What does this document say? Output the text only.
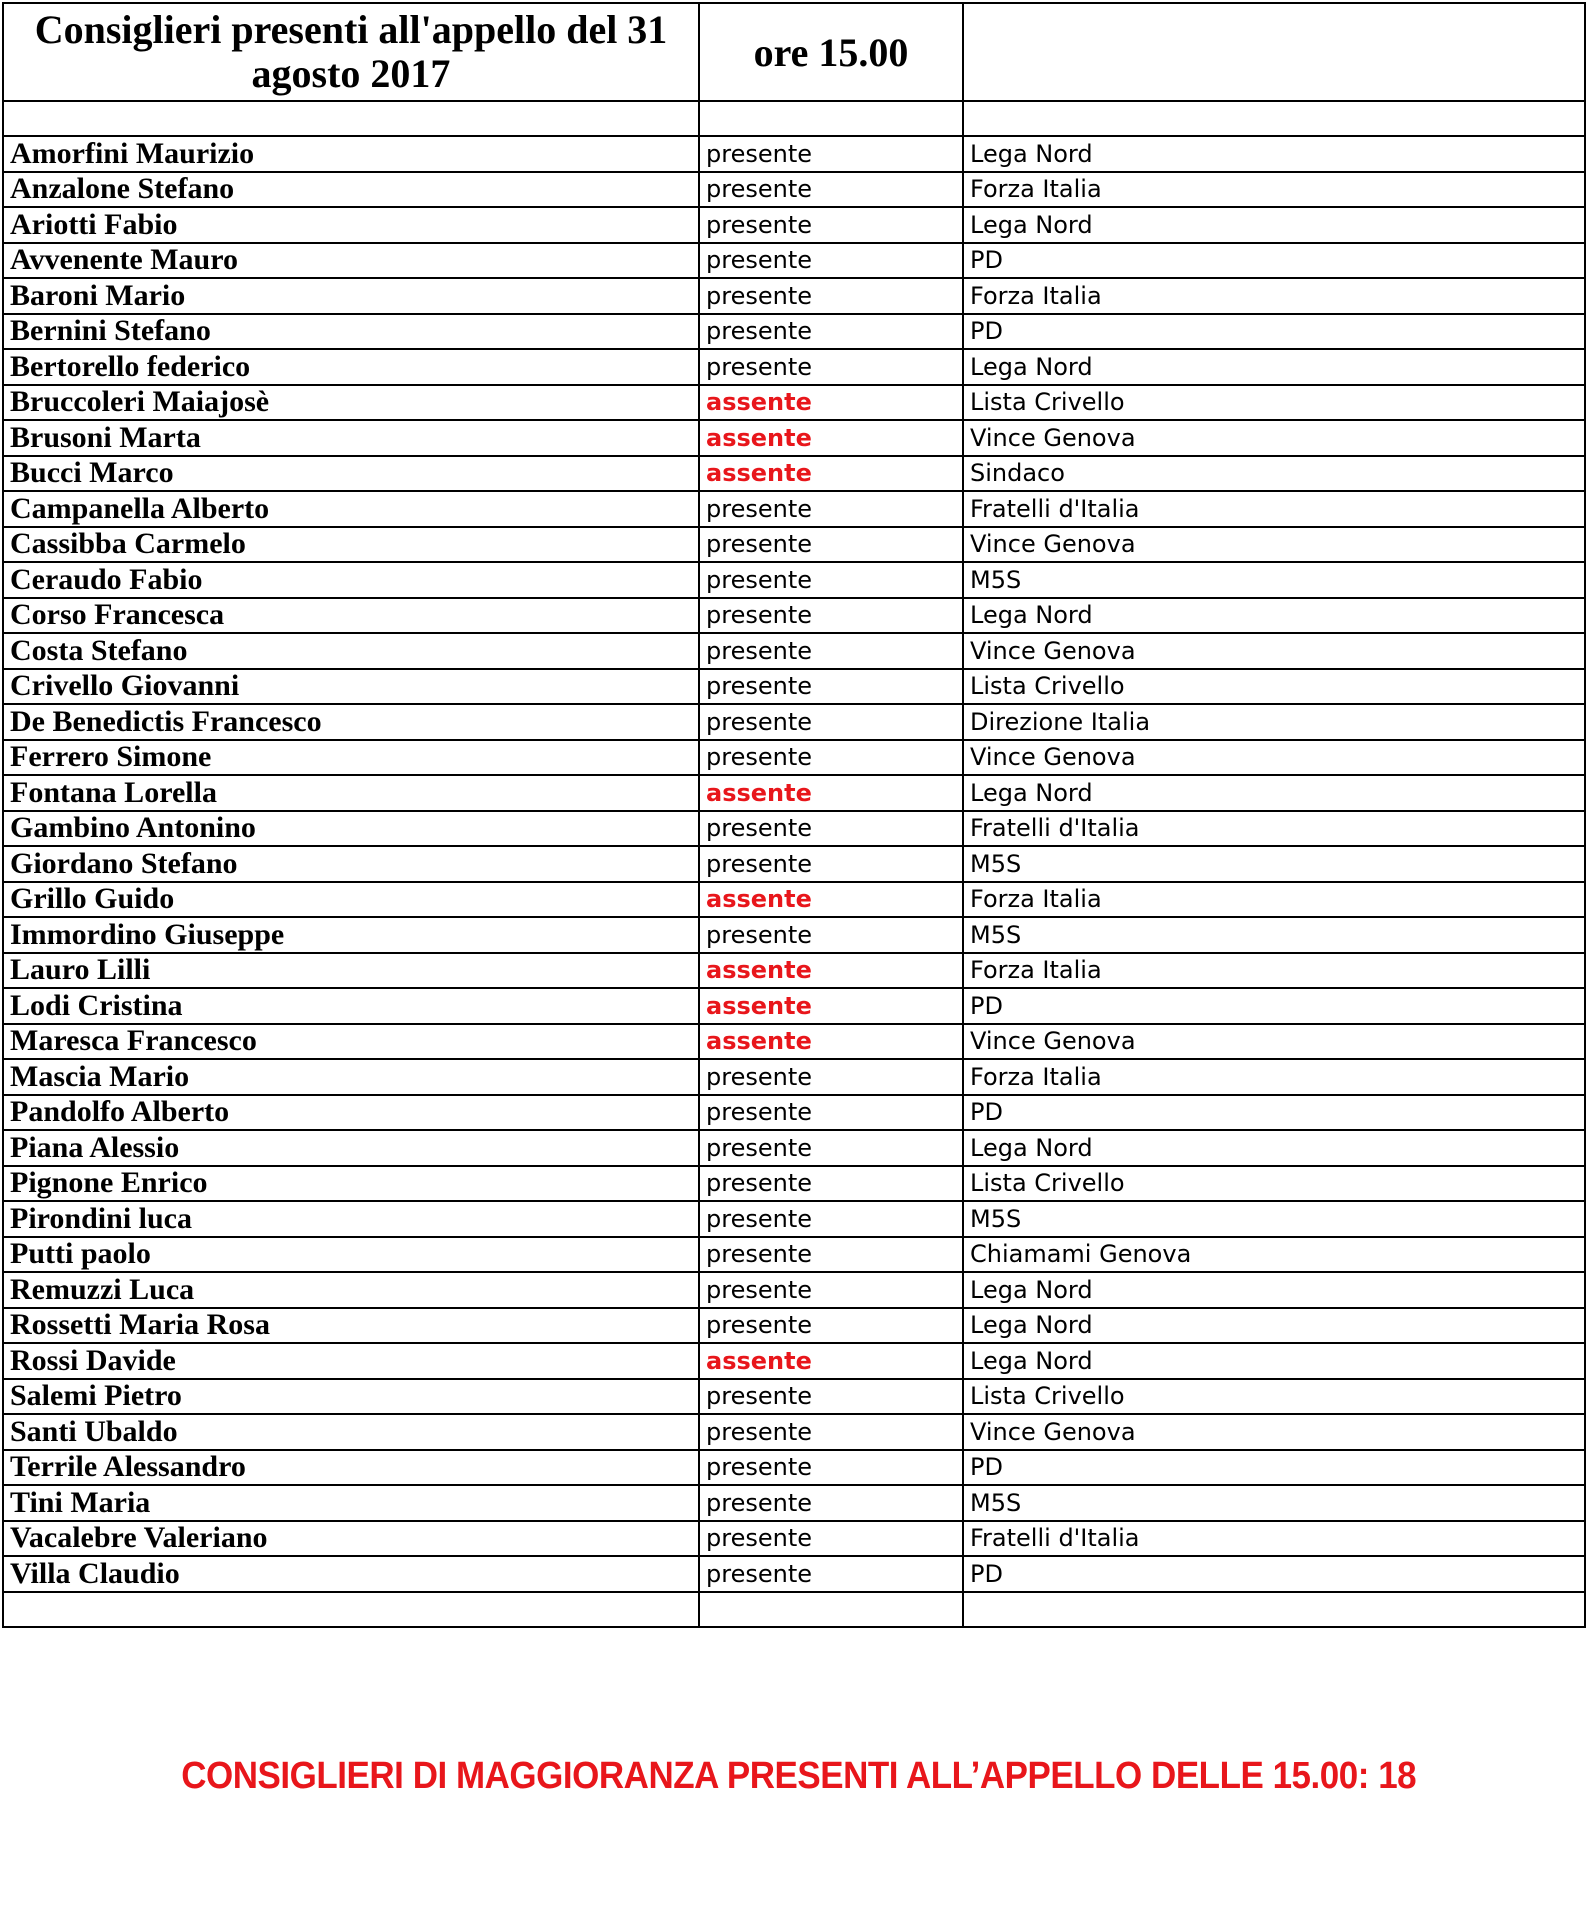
Consiglieri presenti all'appello del 31 agosto 2017	ore 15.00	

Amorfini Maurizio	presente	Lega Nord
Anzalone Stefano	presente	Forza Italia
Ariotti Fabio	presente	Lega Nord
Avvenente Mauro	presente	PD
Baroni Mario	presente	Forza Italia
Bernini Stefano	presente	PD
Bertorello federico	presente	Lega Nord
Bruccoleri Maiajosè	assente	Lista Crivello
Brusoni Marta	assente	Vince Genova
Bucci Marco	assente	Sindaco
Campanella Alberto	presente	Fratelli d'Italia
Cassibba Carmelo	presente	Vince Genova
Ceraudo Fabio	presente	M5S
Corso Francesca	presente	Lega Nord
Costa Stefano	presente	Vince Genova
Crivello Giovanni	presente	Lista Crivello
De Benedictis Francesco	presente	Direzione Italia
Ferrero Simone	presente	Vince Genova
Fontana Lorella	assente	Lega Nord
Gambino Antonino	presente	Fratelli d'Italia
Giordano Stefano	presente	M5S
Grillo Guido	assente	Forza Italia
Immordino Giuseppe	presente	M5S
Lauro Lilli	assente	Forza Italia
Lodi Cristina	assente	PD
Maresca Francesco	assente	Vince Genova
Mascia Mario	presente	Forza Italia
Pandolfo Alberto	presente	PD
Piana Alessio	presente	Lega Nord
Pignone Enrico	presente	Lista Crivello
Pirondini luca	presente	M5S
Putti paolo	presente	Chiamami Genova
Remuzzi Luca	presente	Lega Nord
Rossetti Maria Rosa	presente	Lega Nord
Rossi Davide	assente	Lega Nord
Salemi Pietro	presente	Lista Crivello
Santi Ubaldo	presente	Vince Genova
Terrile Alessandro	presente	PD
Tini Maria	presente	M5S
Vacalebre Valeriano	presente	Fratelli d'Italia
Villa Claudio	presente	PD

CONSIGLIERI DI MAGGIORANZA PRESENTI ALL’APPELLO DELLE 15.00: 18
